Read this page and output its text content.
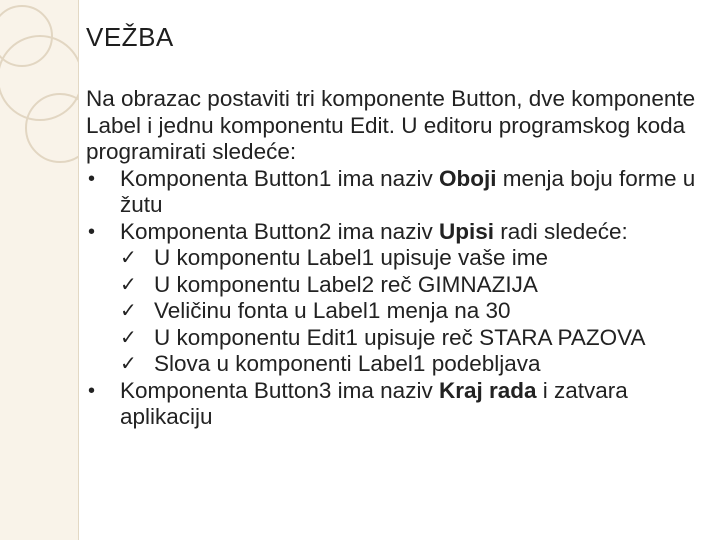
VEŽBA

Na obrazac postaviti tri komponente Button, dve komponente Label i jednu komponentu Edit. U editoru programskog koda programirati sledeće:

• Komponenta Button1 ima naziv Oboji menja boju forme u žutu
• Komponenta Button2 ima naziv Upisi radi sledeće:
✓ U komponentu Label1 upisuje vaše ime
✓ U komponentu Label2 reč GIMNAZIJA
✓ Veličinu fonta u Label1 menja na 30
✓ U komponentu Edit1 upisuje reč STARA PAZOVA
✓ Slova u komponenti Label1 podebljava
• Komponenta Button3 ima naziv Kraj rada i zatvara aplikaciju
